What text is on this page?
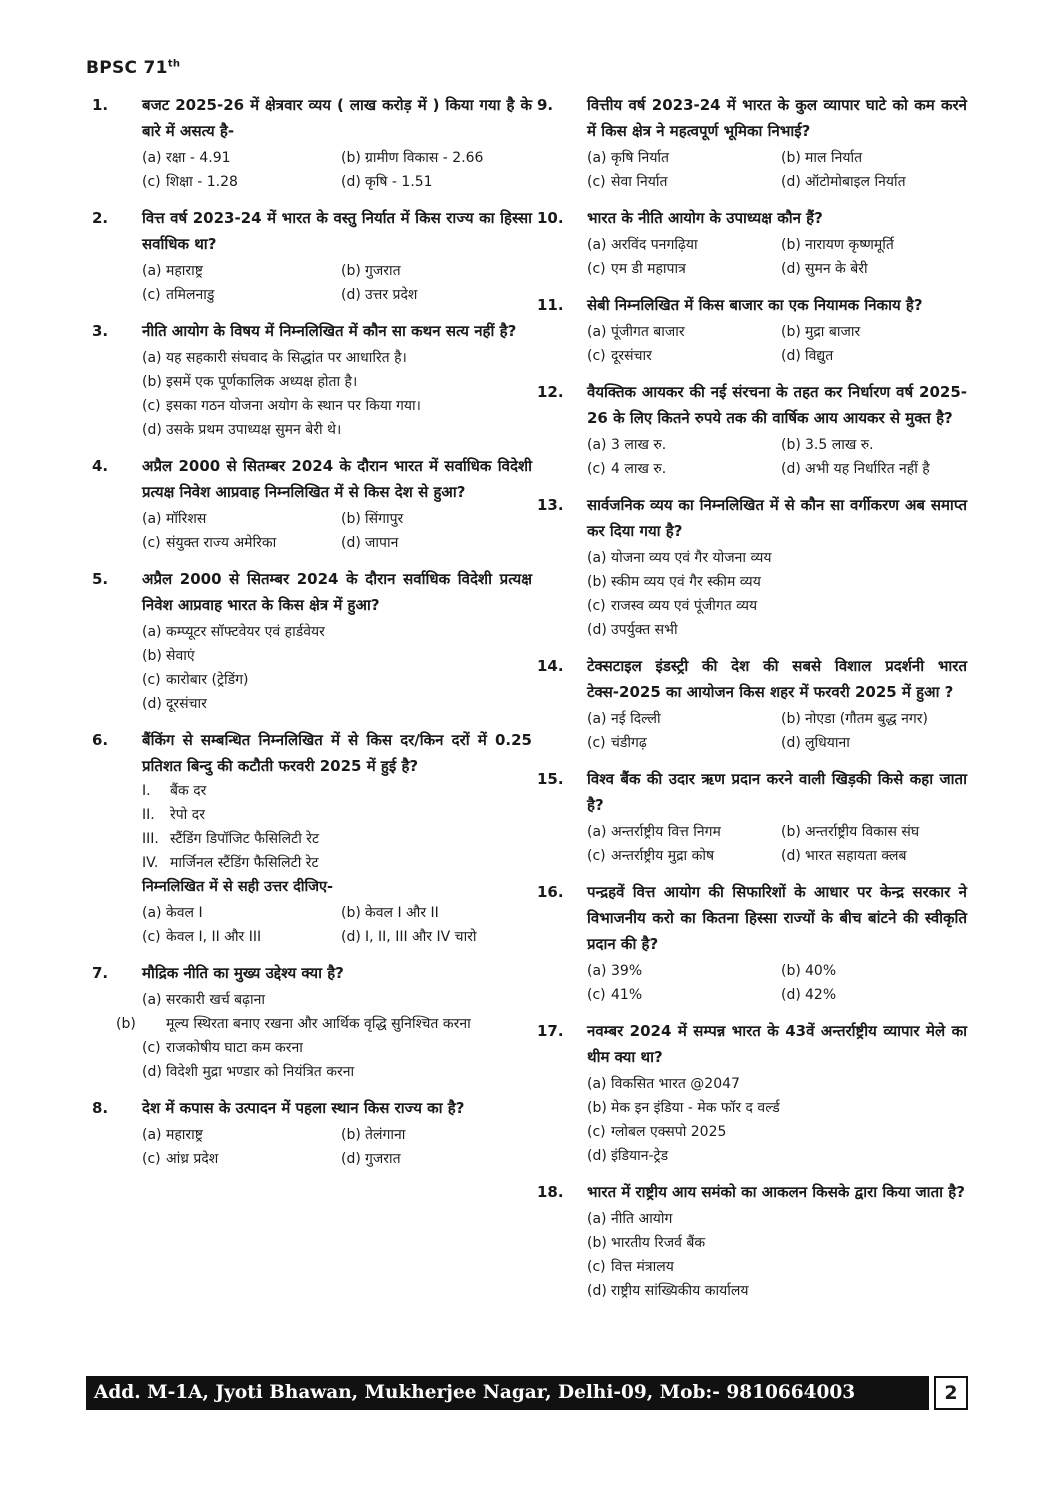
BPSC 71th
1. बजट 2025-26 में क्षेत्रवार व्यय ( लाख करोड़ में ) किया गया है के बारे में असत्य है-
(a) रक्षा - 4.91	(b) ग्रामीण विकास - 2.66
(c) शिक्षा - 1.28	(d) कृषि - 1.51
2. वित्त वर्ष 2023-24 में भारत के वस्तु निर्यात में किस राज्य का हिस्सा सर्वाधिक था?
(a) महाराष्ट्र	(b) गुजरात
(c) तमिलनाडु	(d) उत्तर प्रदेश
3. नीति आयोग के विषय में निम्नलिखित में कौन सा कथन सत्य नहीं है?
(a) यह सहकारी संघवाद के सिद्धांत पर आधारित है।
(b) इसमें एक पूर्णकालिक अध्यक्ष होता है।
(c) इसका गठन योजना अयोग के स्थान पर किया गया।
(d) उसके प्रथम उपाध्यक्ष सुमन बेरी थे।
4. अप्रैल 2000 से सितम्बर 2024 के दौरान भारत में सर्वाधिक विदेशी प्रत्यक्ष निवेश आप्रवाह निम्नलिखित में से किस देश से हुआ?
(a) मॉरिशस	(b) सिंगापुर
(c) संयुक्त राज्य अमेरिका	(d) जापान
5. अप्रैल 2000 से सितम्बर 2024 के दौरान सर्वाधिक विदेशी प्रत्यक्ष निवेश आप्रवाह भारत के किस क्षेत्र में हुआ?
(a) कम्प्यूटर सॉफ्टवेयर एवं हार्डवेयर
(b) सेवाएं
(c) कारोबार (ट्रेडिंग)
(d) दूरसंचार
6. बैंकिंग से सम्बन्धित निम्नलिखित में से किस दर/किन दरों में 0.25 प्रतिशत बिन्दु की कटौती फरवरी 2025 में हुई है?
I. बैंक दर
II. रेपो दर
III. स्टैंडिंग डिपॉजिट फैसिलिटी रेट
IV. मार्जिनल स्टैंडिंग फैसिलिटी रेट
निम्नलिखित में से सही उत्तर दीजिए-
(a) केवल I	(b) केवल I और II
(c) केवल I, II और III	(d) I, II, III और IV चारो
7. मौद्रिक नीति का मुख्य उद्देश्य क्या है?
(a) सरकारी खर्च बढ़ाना
(b) मूल्य स्थिरता बनाए रखना और आर्थिक वृद्धि सुनिश्चित करना
(c) राजकोषीय घाटा कम करना
(d) विदेशी मुद्रा भण्डार को नियंत्रित करना
8. देश में कपास के उत्पादन में पहला स्थान किस राज्य का है?
(a) महाराष्ट्र	(b) तेलंगाना
(c) आंध्र प्रदेश	(d) गुजरात
9. वित्तीय वर्ष 2023-24 में भारत के कुल व्यापार घाटे को कम करने में किस क्षेत्र ने महत्वपूर्ण भूमिका निभाई?
(a) कृषि निर्यात	(b) माल निर्यात
(c) सेवा निर्यात	(d) ऑटोमोबाइल निर्यात
10. भारत के नीति आयोग के उपाध्यक्ष कौन हैं?
(a) अरविंद पनगढ़िया	(b) नारायण कृष्णमूर्ति
(c) एम डी महापात्र	(d) सुमन के बेरी
11. सेबी निम्नलिखित में किस बाजार का एक नियामक निकाय है?
(a) पूंजीगत बाजार	(b) मुद्रा बाजार
(c) दूरसंचार	(d) विद्युत
12. वैयक्तिक आयकर की नई संरचना के तहत कर निर्धारण वर्ष 2025-26 के लिए कितने रुपये तक की वार्षिक आय आयकर से मुक्त है?
(a) 3 लाख रु.	(b) 3.5 लाख रु.
(c) 4 लाख रु.	(d) अभी यह निर्धारित नहीं है
13. सार्वजनिक व्यय का निम्नलिखित में से कौन सा वर्गीकरण अब समाप्त कर दिया गया है?
(a) योजना व्यय एवं गैर योजना व्यय
(b) स्कीम व्यय एवं गैर स्कीम व्यय
(c) राजस्व व्यय एवं पूंजीगत व्यय
(d) उपर्युक्त सभी
14. टेक्सटाइल इंडस्ट्री की देश की सबसे विशाल प्रदर्शनी भारत टेक्स-2025 का आयोजन किस शहर में फरवरी 2025 में हुआ ?
(a) नई दिल्ली	(b) नोएडा (गौतम बुद्ध नगर)
(c) चंडीगढ़	(d) लुधियाना
15. विश्व बैंक की उदार ऋण प्रदान करने वाली खिड़की किसे कहा जाता है?
(a) अन्तर्राष्ट्रीय वित्त निगम	(b) अन्तर्राष्ट्रीय विकास संघ
(c) अन्तर्राष्ट्रीय मुद्रा कोष	(d) भारत सहायता क्लब
16. पन्द्रहवें वित्त आयोग की सिफारिशों के आधार पर केन्द्र सरकार ने विभाजनीय करो का कितना हिस्सा राज्यों के बीच बांटने की स्वीकृति प्रदान की है?
(a) 39%	(b) 40%
(c) 41%	(d) 42%
17. नवम्बर 2024 में सम्पन्न भारत के 43वें अन्तर्राष्ट्रीय व्यापार मेले का थीम क्या था?
(a) विकसित भारत @2047
(b) मेक इन इंडिया - मेक फॉर द वर्ल्ड
(c) ग्लोबल एक्सपो 2025
(d) इंडियान-ट्रेड
18. भारत में राष्ट्रीय आय समंको का आकलन किसके द्वारा किया जाता है?
(a) नीति आयोग
(b) भारतीय रिजर्व बैंक
(c) वित्त मंत्रालय
(d) राष्ट्रीय सांख्यिकीय कार्यालय
Add. M-1A, Jyoti Bhawan, Mukherjee Nagar, Delhi-09, Mob:- 9810664003	2
